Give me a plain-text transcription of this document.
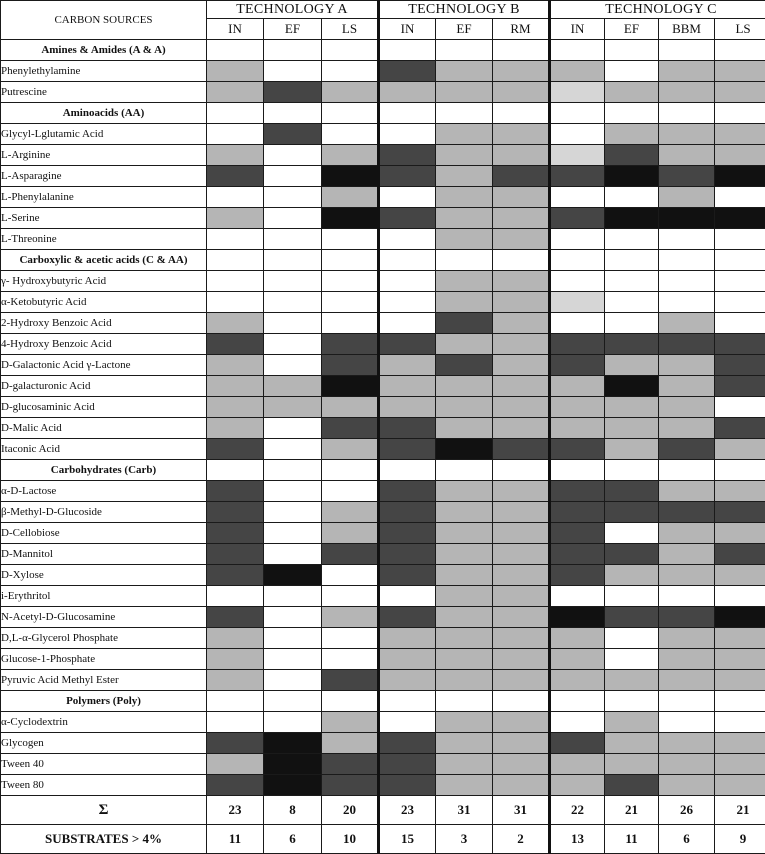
CARBON SOURCES	TECHNOLOGY A			TECHNOLOGY B			TECHNOLOGY C			
	IN	EF	LS	IN	EF	RM	IN	EF	BBM	LS
Amines & Amides (A & A)										
Phenylethylamine										
Putrescine										
Aminoacids (AA)										
Glycyl-Lglutamic Acid										
L-Arginine										
L-Asparagine										
L-Phenylalanine										
L-Serine										
L-Threonine										
Carboxylic & acetic acids (C & AA)										
γ- Hydroxybutyric Acid										
α-Ketobutyric Acid										
2-Hydroxy Benzoic Acid										
4-Hydroxy Benzoic Acid										
D-Galactonic Acid γ-Lactone										
D-galacturonic Acid										
D-glucosaminic Acid										
D-Malic Acid										
Itaconic Acid										
Carbohydrates (Carb)										
α-D-Lactose										
β-Methyl-D-Glucoside										
D-Cellobiose										
D-Mannitol										
D-Xylose										
i-Erythritol										
N-Acetyl-D-Glucosamine										
D,L-α-Glycerol Phosphate										
Glucose-1-Phosphate										
Pyruvic Acid Methyl Ester										
Polymers (Poly)										
α-Cyclodextrin										
Glycogen										
Tween 40										
Tween 80										
Σ	23	8	20	23	31	31	22	21	26	21
SUBSTRATES > 4%	11	6	10	15	3	2	13	11	6	9
